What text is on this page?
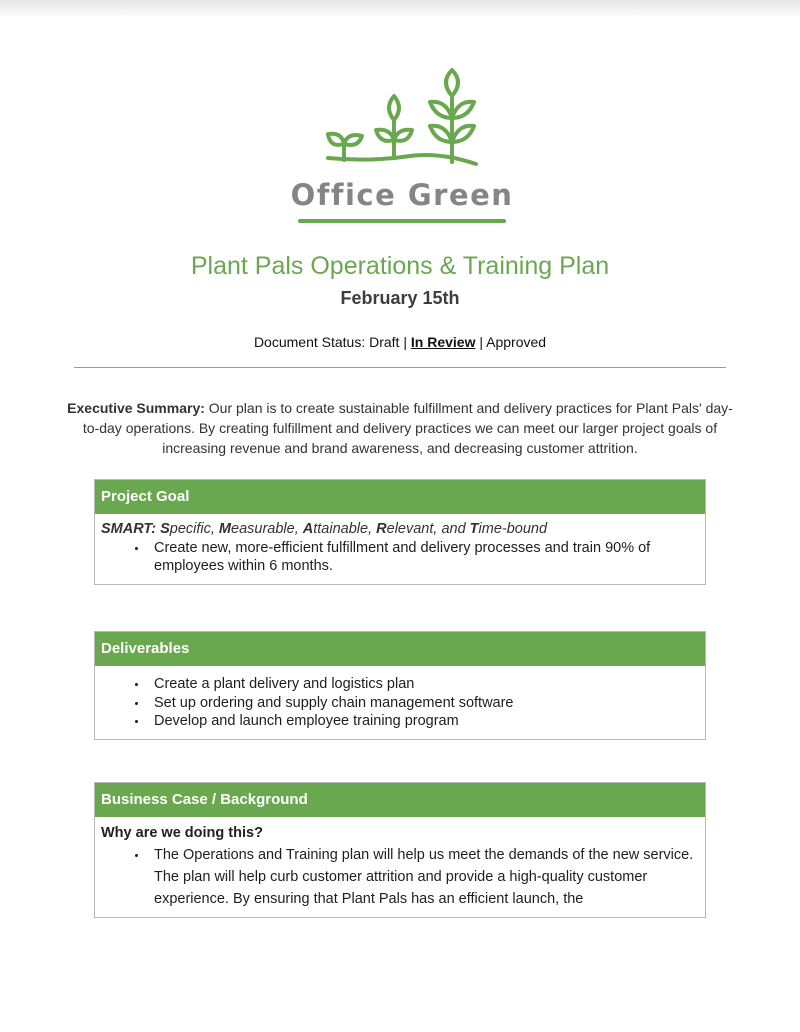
Office Green
Plant Pals Operations & Training Plan
February 15th
Document Status: Draft | In Review | Approved
Executive Summary: Our plan is to create sustainable fulfillment and delivery practices for Plant Pals' day-to-day operations. By creating fulfillment and delivery practices we can meet our larger project goals of increasing revenue and brand awareness, and decreasing customer attrition.
Project Goal
SMART: Specific, Measurable, Attainable, Relevant, and Time-bound
• Create new, more-efficient fulfillment and delivery processes and train 90% of employees within 6 months.
Deliverables
• Create a plant delivery and logistics plan
• Set up ordering and supply chain management software
• Develop and launch employee training program
Business Case / Background
Why are we doing this?
• The Operations and Training plan will help us meet the demands of the new service. The plan will help curb customer attrition and provide a high-quality customer experience. By ensuring that Plant Pals has an efficient launch, the
